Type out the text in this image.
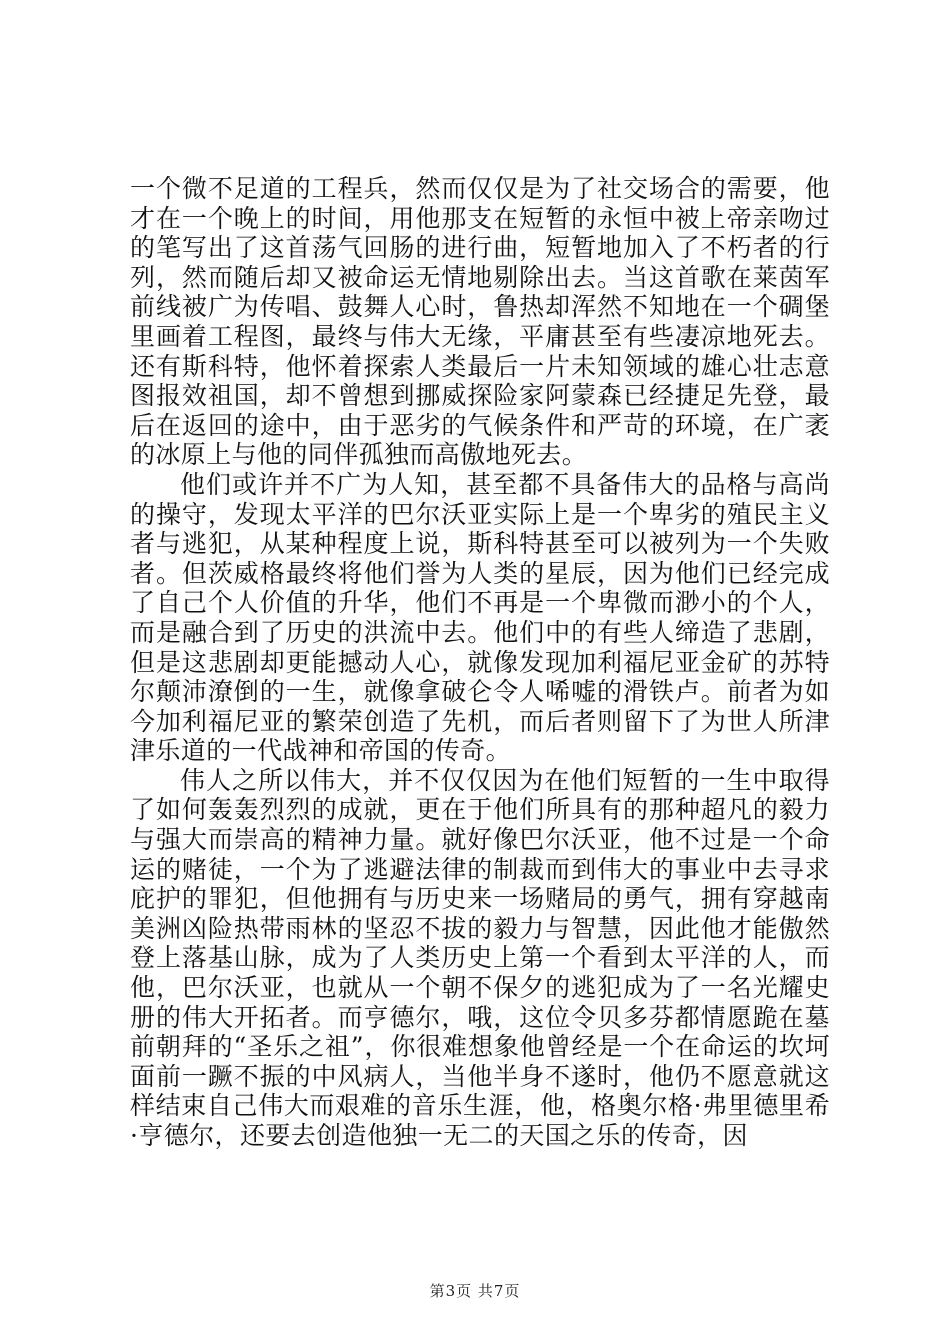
一个微不足道的工程兵，然而仅仅是为了社交场合的需要，他才在一个晚上的时间，用他那支在短暂的永恒中被上帝亲吻过的笔写出了这首荡气回肠的进行曲，短暂地加入了不朽者的行列，然而随后却又被命运无情地剔除出去。当这首歌在莱茵军前线被广为传唱、鼓舞人心时，鲁热却浑然不知地在一个碉堡里画着工程图，最终与伟大无缘，平庸甚至有些凄凉地死去。还有斯科特，他怀着探索人类最后一片未知领域的雄心壮志意图报效祖国，却不曾想到挪威探险家阿蒙森已经捷足先登，最后在返回的途中，由于恶劣的气候条件和严苛的环境，在广袤的冰原上与他的同伴孤独而高傲地死去。

他们或许并不广为人知，甚至都不具备伟大的品格与高尚的操守，发现太平洋的巴尔沃亚实际上是一个卑劣的殖民主义者与逃犯，从某种程度上说，斯科特甚至可以被列为一个失败者。但茨威格最终将他们誉为人类的星辰，因为他们已经完成了自己个人价值的升华，他们不再是一个卑微而渺小的个人，而是融合到了历史的洪流中去。他们中的有些人缔造了悲剧，但是这悲剧却更能撼动人心，就像发现加利福尼亚金矿的苏特尔颠沛潦倒的一生，就像拿破仑令人唏嘘的滑铁卢。前者为如今加利福尼亚的繁荣创造了先机，而后者则留下了为世人所津津乐道的一代战神和帝国的传奇。

伟人之所以伟大，并不仅仅因为在他们短暂的一生中取得了如何轰轰烈烈的成就，更在于他们所具有的那种超凡的毅力与强大而崇高的精神力量。就好像巴尔沃亚，他不过是一个命运的赌徒，一个为了逃避法律的制裁而到伟大的事业中去寻求庇护的罪犯，但他拥有与历史来一场赌局的勇气，拥有穿越南美洲凶险热带雨林的坚忍不拔的毅力与智慧，因此他才能傲然登上落基山脉，成为了人类历史上第一个看到太平洋的人，而他，巴尔沃亚，也就从一个朝不保夕的逃犯成为了一名光耀史册的伟大开拓者。而亨德尔，哦，这位令贝多芬都情愿跪在墓前朝拜的“圣乐之祖”，你很难想象他曾经是一个在命运的坎坷面前一蹶不振的中风病人，当他半身不遂时，他仍不愿意就这样结束自己伟大而艰难的音乐生涯，他，格奥尔格·弗里德里希·亨德尔，还要去创造他独一无二的天国之乐的传奇，因

第3页 共7页
